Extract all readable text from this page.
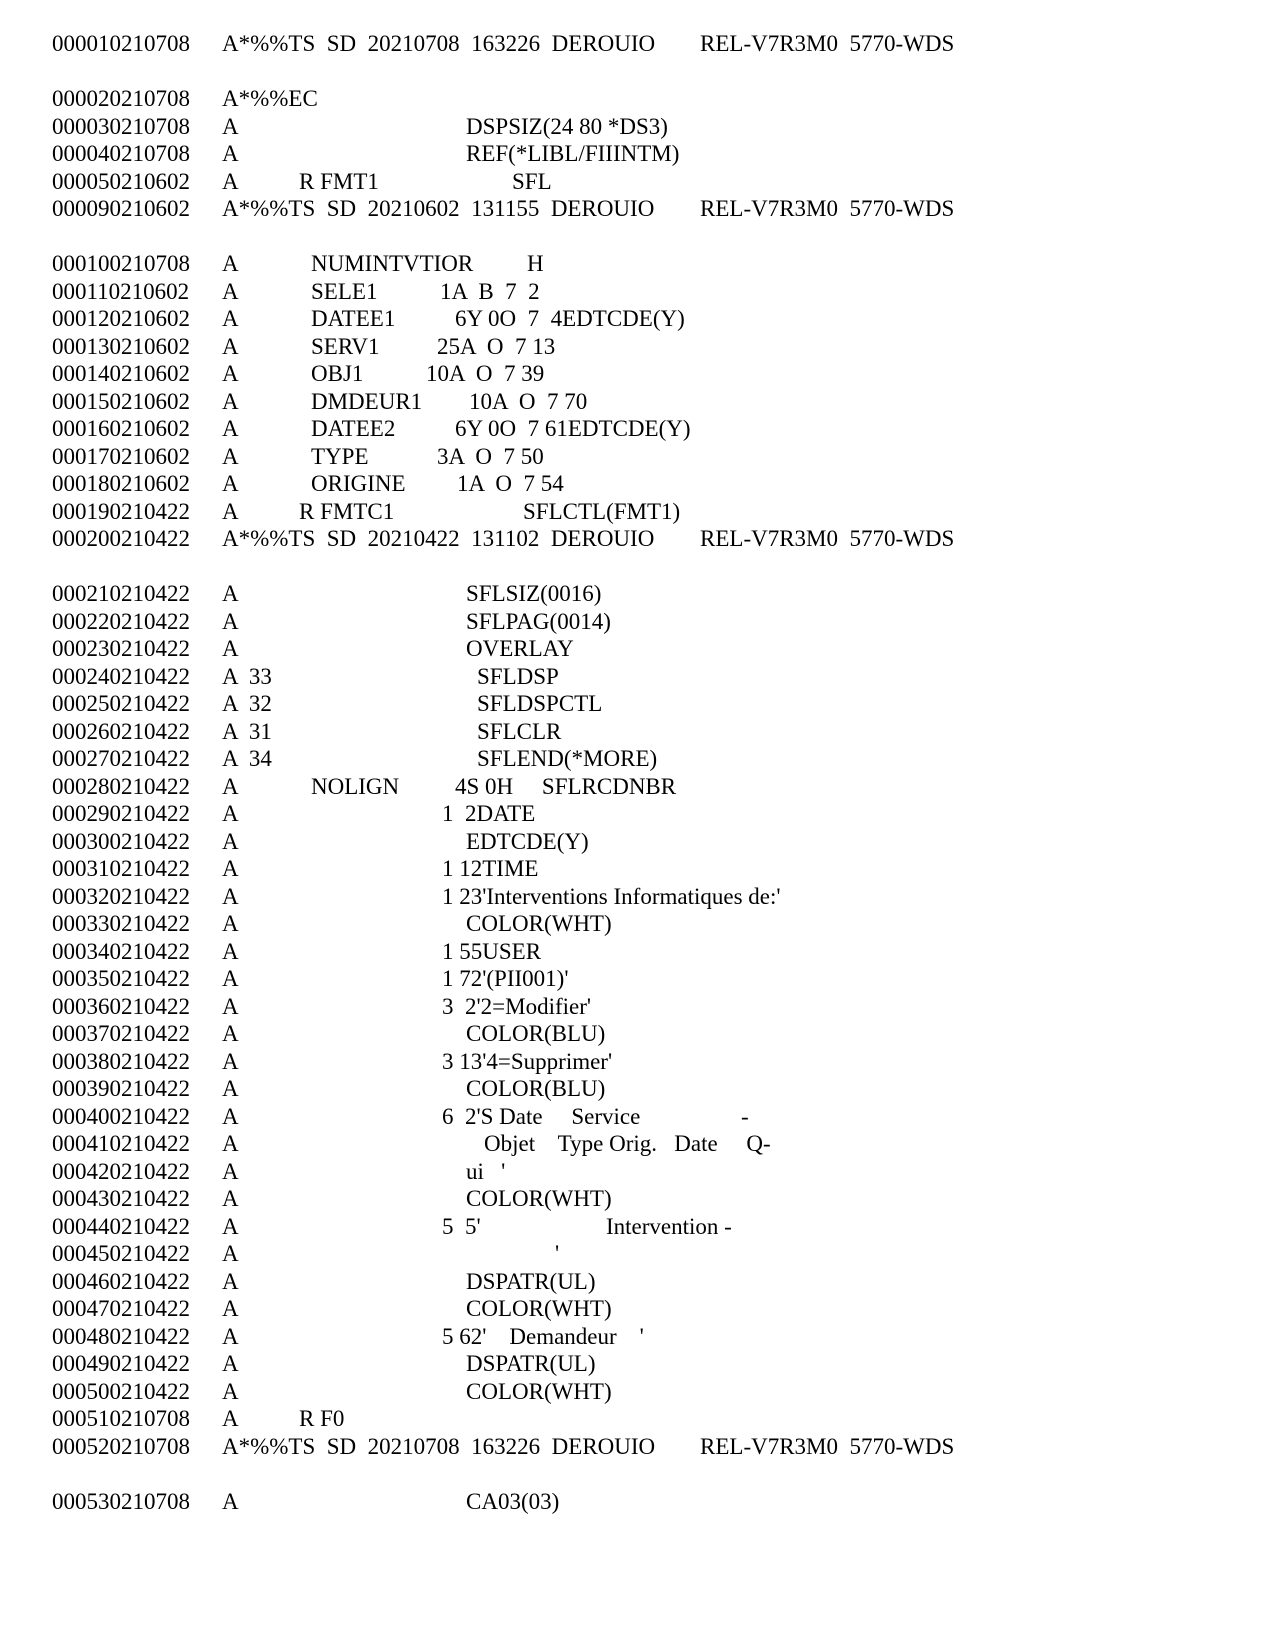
000010210708 A*%%TS  SD  20210708  163226  DEROUIO REL-V7R3M0  5770-WDS
000020210708 A*%%EC
000030210708 A	DSPSIZ(24 80 *DS3)
000040210708 A	REF(*LIBL/FIIINTM)
000050210602 A	R FMT1	SFL
000090210602 A*%%TS  SD  20210602  131155  DEROUIO REL-V7R3M0  5770-WDS
000100210708 A	NUMINTVTIOR H
000110210602 A	SELE1	1A  B  7  2
000120210602 A	DATEE1	6Y 0O  7  4EDTCDE(Y)
000130210602 A	SERV1	25A  O  7 13
000140210602 A	OBJ1	10A  O  7 39
000150210602 A	DMDEUR1 10A  O  7 70
000160210602 A	DATEE2	6Y 0O  7 61EDTCDE(Y)
000170210602 A	TYPE	3A  O  7 50
000180210602 A	ORIGINE 1A  O  7 54
000190210422 A	R FMTC1	SFLCTL(FMT1)
000200210422 A*%%TS  SD  20210422  131102  DEROUIO REL-V7R3M0  5770-WDS
000210210422 A	SFLSIZ(0016)
000220210422 A	SFLPAG(0014)
000230210422 A	OVERLAY
000240210422 A  33	SFLDSP
000250210422 A  32	SFLDSPCTL
000260210422 A  31	SFLCLR
000270210422 A  34	SFLEND(*MORE)
000280210422 A	NOLIGN 4S 0H     SFLRCDNBR
000290210422 A	1  2DATE
000300210422 A	EDTCDE(Y)
000310210422 A	1 12TIME
000320210422 A	1 23'Interventions Informatiques de:'
000330210422 A	COLOR(WHT)
000340210422 A	1 55USER
000350210422 A	1 72'(PII001)'
000360210422 A	3  2'2=Modifier'
000370210422 A	COLOR(BLU)
000380210422 A	3 13'4=Supprimer'
000390210422 A	COLOR(BLU)
000400210422 A	6  2'S Date     Service	-
000410210422 A	Objet    Type Orig.   Date     Q-
000420210422 A	ui   '
000430210422 A	COLOR(WHT)
000440210422 A	5  5'	Intervention -
000450210422 A	'
000460210422 A	DSPATR(UL)
000470210422 A	COLOR(WHT)
000480210422 A	5 62'    Demandeur    '
000490210422 A	DSPATR(UL)
000500210422 A	COLOR(WHT)
000510210708 A	R F0
000520210708 A*%%TS  SD  20210708  163226  DEROUIO REL-V7R3M0  5770-WDS
000530210708 A	CA03(03)
